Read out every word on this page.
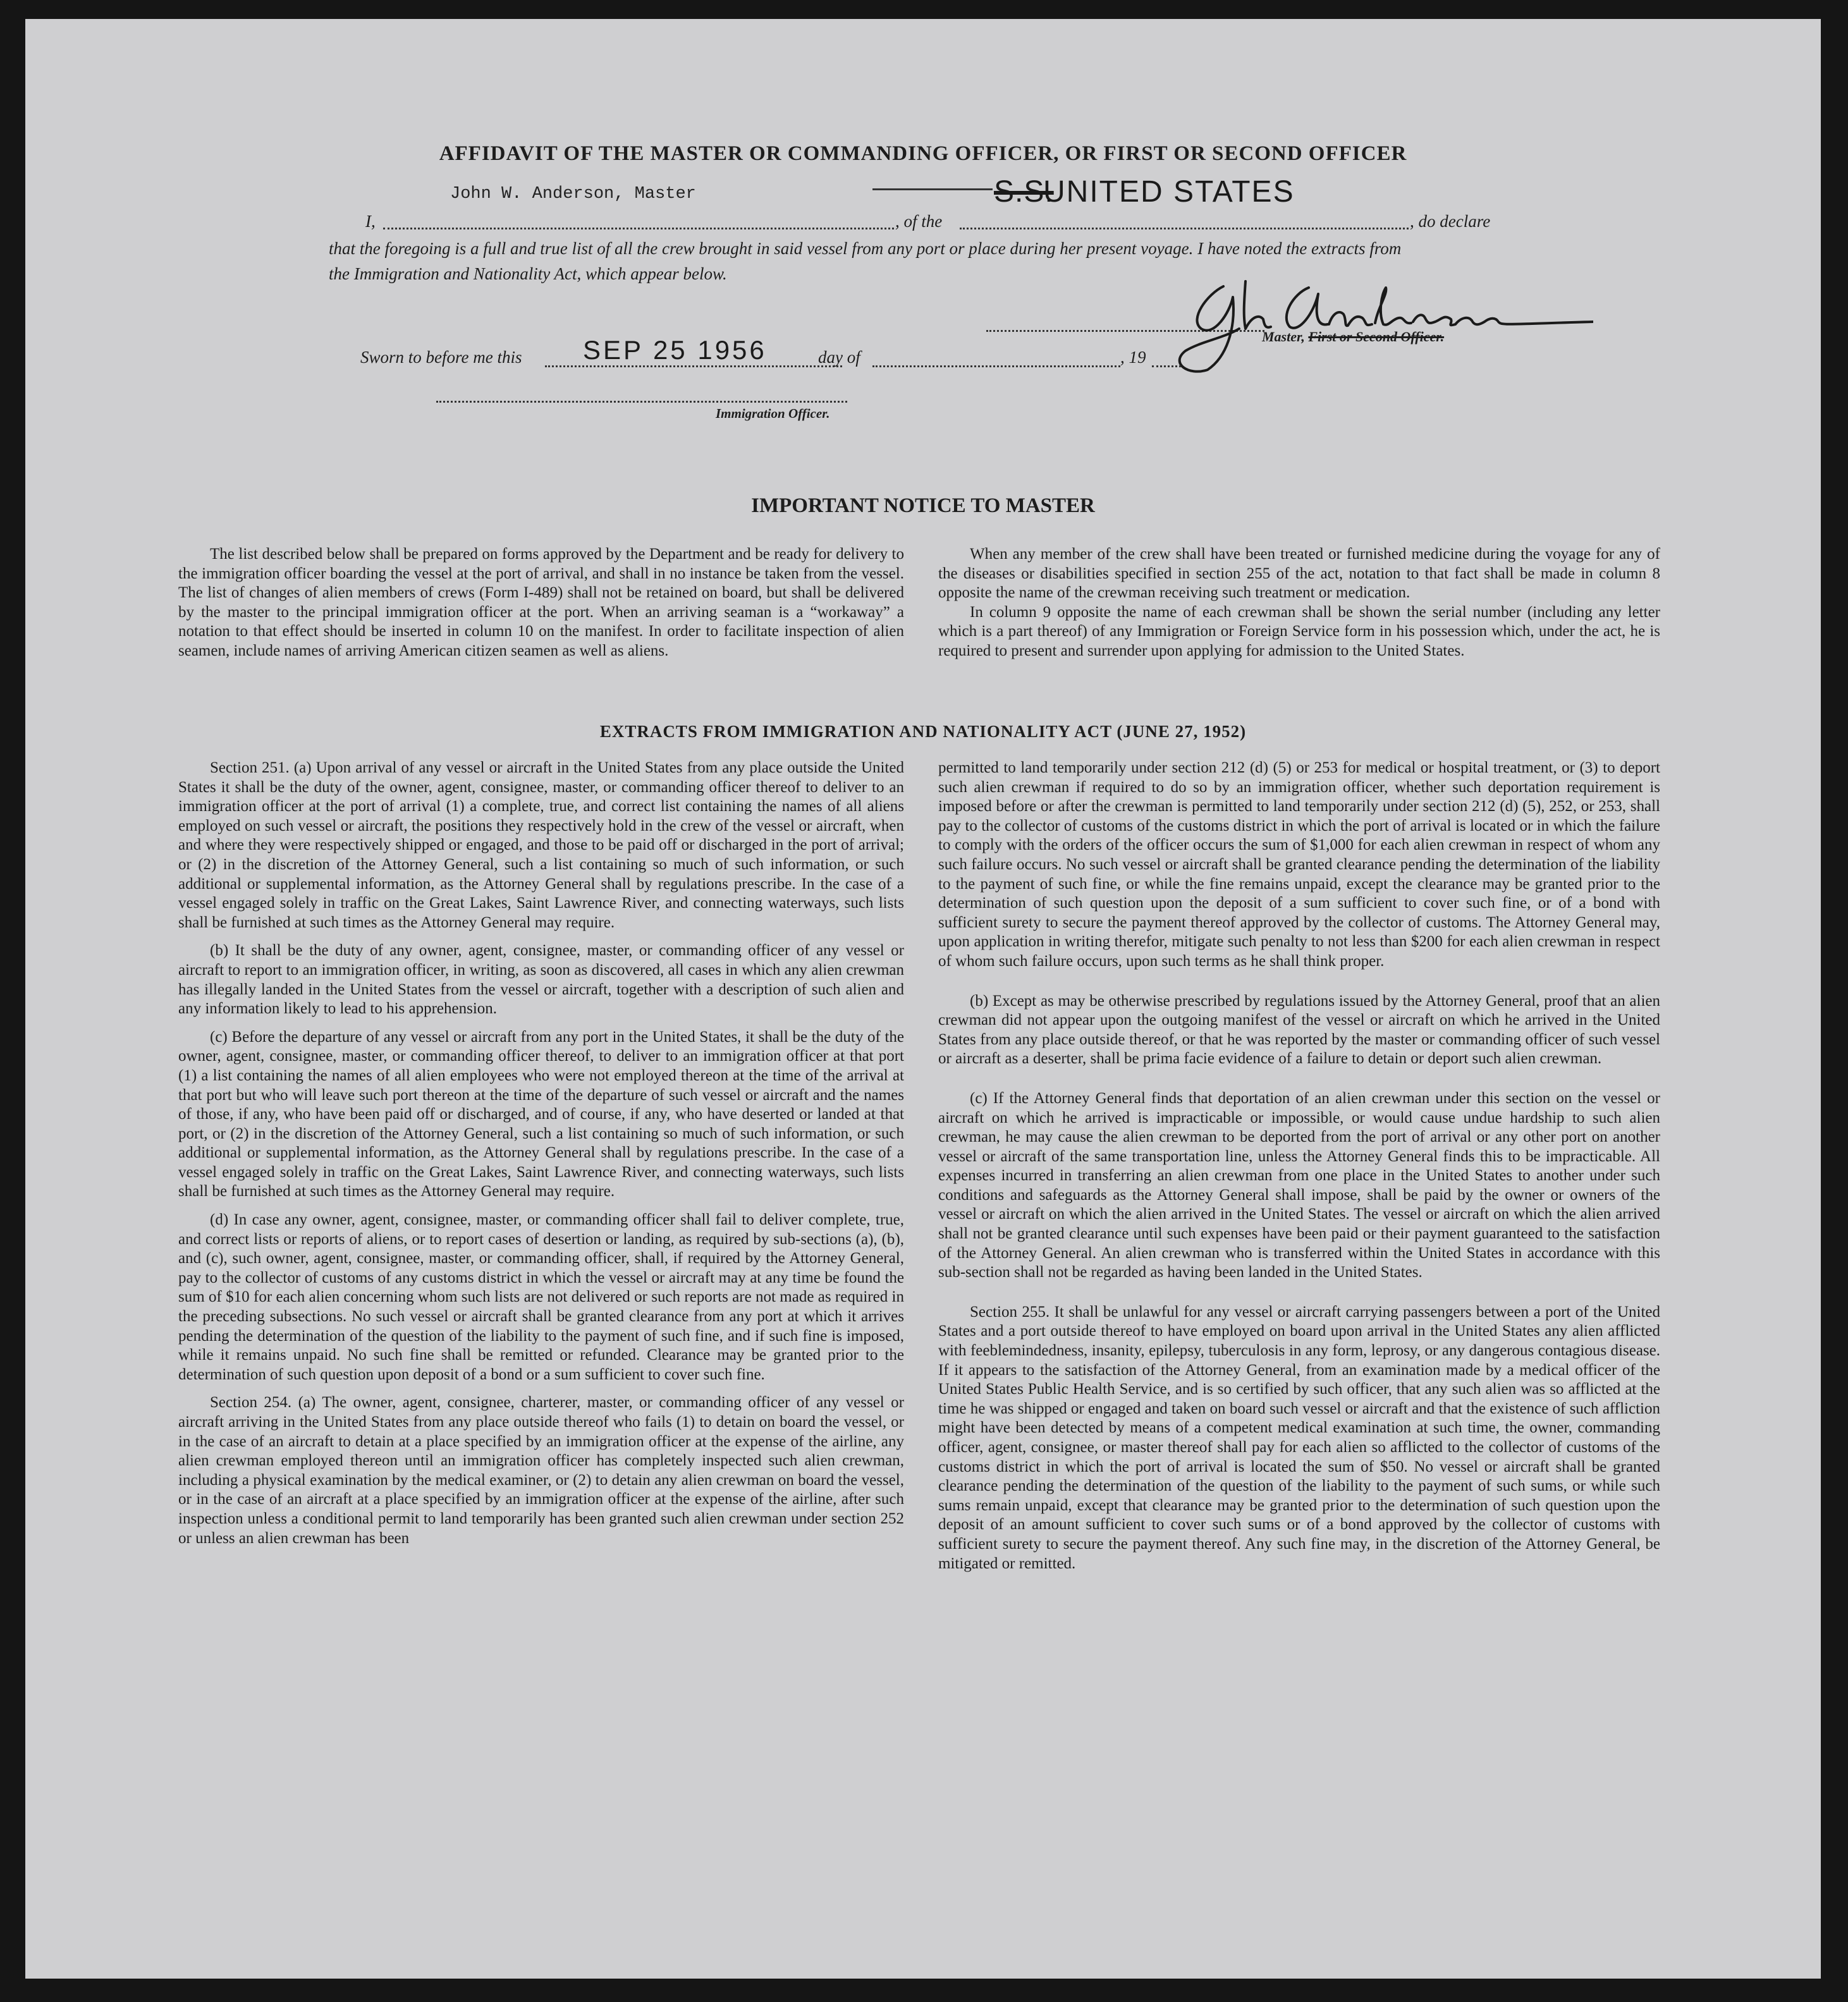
AFFIDAVIT OF THE MASTER OR COMMANDING OFFICER, OR FIRST OR SECOND OFFICER
I,
John W. Anderson, Master
, of the
S.S.
UNITED STATES
, do declare
that the foregoing is a full and true list of all the crew brought in said vessel from any port or place during her present voyage. I have noted the extracts from
the Immigration and Nationality Act, which appear below.
Master, First or Second Officer.
Sworn to before me this SEP 25 1956	day of	, 19
Immigration Officer.
IMPORTANT NOTICE TO MASTER

The list described below shall be prepared on forms approved by the Department and be ready for delivery to the immigration officer boarding the vessel at the port of arrival, and shall in no instance be taken from the vessel. The list of changes of alien members of crews (Form I-489) shall not be retained on board, but shall be delivered by the master to the principal immigration officer at the port. When an arriving seaman is a “workaway” a notation to that effect should be inserted in column 10 on the manifest. In order to facilitate inspection of alien seamen, include names of arriving American citizen seamen as well as aliens.

When any member of the crew shall have been treated or furnished medicine during the voyage for any of the diseases or disabilities specified in section 255 of the act, notation to that fact shall be made in column 8 opposite the name of the crewman receiving such treatment or medication.

In column 9 opposite the name of each crewman shall be shown the serial number (including any letter which is a part thereof) of any Immigration or Foreign Service form in his possession which, under the act, he is required to present and surrender upon applying for admission to the United States.

EXTRACTS FROM IMMIGRATION AND NATIONALITY ACT (JUNE 27, 1952)

Section 251. (a) Upon arrival of any vessel or aircraft in the United States from any place outside the United States it shall be the duty of the owner, agent, consignee, master, or commanding officer thereof to deliver to an immigration officer at the port of arrival (1) a complete, true, and correct list containing the names of all aliens employed on such vessel or aircraft, the positions they respectively hold in the crew of the vessel or aircraft, when and where they were respectively shipped or engaged, and those to be paid off or discharged in the port of arrival; or (2) in the discretion of the Attorney General, such a list containing so much of such information, or such additional or supplemental information, as the Attorney General shall by regulations prescribe. In the case of a vessel engaged solely in traffic on the Great Lakes, Saint Lawrence River, and connecting waterways, such lists shall be furnished at such times as the Attorney General may require.

(b) It shall be the duty of any owner, agent, consignee, master, or commanding officer of any vessel or aircraft to report to an immigration officer, in writing, as soon as discovered, all cases in which any alien crewman has illegally landed in the United States from the vessel or aircraft, together with a description of such alien and any information likely to lead to his apprehension.

(c) Before the departure of any vessel or aircraft from any port in the United States, it shall be the duty of the owner, agent, consignee, master, or commanding officer thereof, to deliver to an immigration officer at that port (1) a list containing the names of all alien employees who were not employed thereon at the time of the arrival at that port but who will leave such port thereon at the time of the departure of such vessel or aircraft and the names of those, if any, who have been paid off or discharged, and of course, if any, who have deserted or landed at that port, or (2) in the discretion of the Attorney General, such a list containing so much of such information, or such additional or supplemental information, as the Attorney General shall by regulations prescribe. In the case of a vessel engaged solely in traffic on the Great Lakes, Saint Lawrence River, and connecting waterways, such lists shall be furnished at such times as the Attorney General may require.

(d) In case any owner, agent, consignee, master, or commanding officer shall fail to deliver complete, true, and correct lists or reports of aliens, or to report cases of desertion or landing, as required by sub-sections (a), (b), and (c), such owner, agent, consignee, master, or commanding officer, shall, if required by the Attorney General, pay to the collector of customs of any customs district in which the vessel or aircraft may at any time be found the sum of $10 for each alien concerning whom such lists are not delivered or such reports are not made as required in the preceding subsections. No such vessel or aircraft shall be granted clearance from any port at which it arrives pending the determination of the question of the liability to the payment of such fine, and if such fine is imposed, while it remains unpaid. No such fine shall be remitted or refunded. Clearance may be granted prior to the determination of such question upon deposit of a bond or a sum sufficient to cover such fine.

Section 254. (a) The owner, agent, consignee, charterer, master, or commanding officer of any vessel or aircraft arriving in the United States from any place outside thereof who fails (1) to detain on board the vessel, or in the case of an aircraft to detain at a place specified by an immigration officer at the expense of the airline, any alien crewman employed thereon until an immigration officer has completely inspected such alien crewman, including a physical examination by the medical examiner, or (2) to detain any alien crewman on board the vessel, or in the case of an aircraft at a place specified by an immigration officer at the expense of the airline, after such inspection unless a conditional permit to land temporarily has been granted such alien crewman under section 252 or unless an alien crewman has been

permitted to land temporarily under section 212 (d) (5) or 253 for medical or hospital treatment, or (3) to deport such alien crewman if required to do so by an immigration officer, whether such deportation requirement is imposed before or after the crewman is permitted to land temporarily under section 212 (d) (5), 252, or 253, shall pay to the collector of customs of the customs district in which the port of arrival is located or in which the failure to comply with the orders of the officer occurs the sum of $1,000 for each alien crewman in respect of whom any such failure occurs. No such vessel or aircraft shall be granted clearance pending the determination of the liability to the payment of such fine, or while the fine remains unpaid, except the clearance may be granted prior to the determination of such question upon the deposit of a sum sufficient to cover such fine, or of a bond with sufficient surety to secure the payment thereof approved by the collector of customs. The Attorney General may, upon application in writing therefor, mitigate such penalty to not less than $200 for each alien crewman in respect of whom such failure occurs, upon such terms as he shall think proper.

(b) Except as may be otherwise prescribed by regulations issued by the Attorney General, proof that an alien crewman did not appear upon the outgoing manifest of the vessel or aircraft on which he arrived in the United States from any place outside thereof, or that he was reported by the master or commanding officer of such vessel or aircraft as a deserter, shall be prima facie evidence of a failure to detain or deport such alien crewman.

(c) If the Attorney General finds that deportation of an alien crewman under this section on the vessel or aircraft on which he arrived is impracticable or impossible, or would cause undue hardship to such alien crewman, he may cause the alien crewman to be deported from the port of arrival or any other port on another vessel or aircraft of the same transportation line, unless the Attorney General finds this to be impracticable. All expenses incurred in transferring an alien crewman from one place in the United States to another under such conditions and safeguards as the Attorney General shall impose, shall be paid by the owner or owners of the vessel or aircraft on which the alien arrived in the United States. The vessel or aircraft on which the alien arrived shall not be granted clearance until such expenses have been paid or their payment guaranteed to the satisfaction of the Attorney General. An alien crewman who is transferred within the United States in accordance with this sub-section shall not be regarded as having been landed in the United States.

Section 255. It shall be unlawful for any vessel or aircraft carrying passengers between a port of the United States and a port outside thereof to have employed on board upon arrival in the United States any alien afflicted with feeblemindedness, insanity, epilepsy, tuberculosis in any form, leprosy, or any dangerous contagious disease. If it appears to the satisfaction of the Attorney General, from an examination made by a medical officer of the United States Public Health Service, and is so certified by such officer, that any such alien was so afflicted at the time he was shipped or engaged and taken on board such vessel or aircraft and that the existence of such affliction might have been detected by means of a competent medical examination at such time, the owner, commanding officer, agent, consignee, or master thereof shall pay for each alien so afflicted to the collector of customs of the customs district in which the port of arrival is located the sum of $50. No vessel or aircraft shall be granted clearance pending the determination of the question of the liability to the payment of such sums, or while such sums remain unpaid, except that clearance may be granted prior to the determination of such question upon the deposit of an amount sufficient to cover such sums or of a bond approved by the collector of customs with sufficient surety to secure the payment thereof. Any such fine may, in the discretion of the Attorney General, be mitigated or remitted.
